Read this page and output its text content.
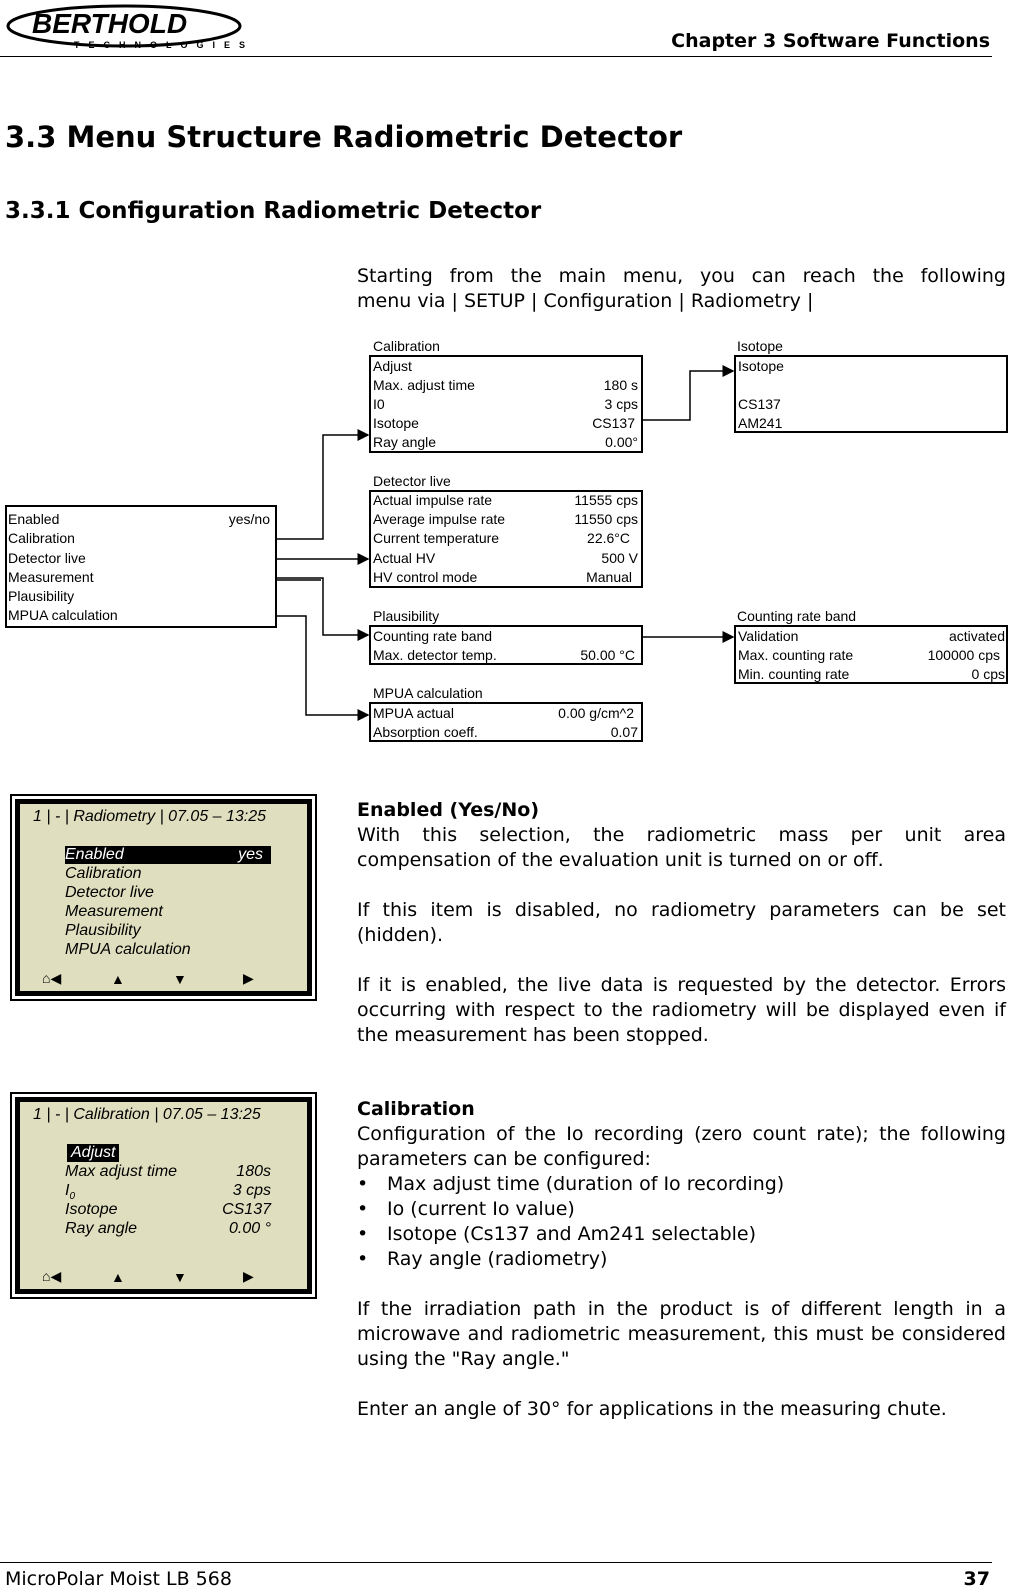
BERTHOLD
TECHNOLOGIES	Chapter 3 Software Functions
3.3 Menu Structure Radiometric Detector
3.3.1 Configuration Radiometric Detector

Starting from the main menu, you can reach the following

menu via | SETUP | Configuration | Radiometry |

Enabled	yes/no
Calibration
Detector live
Measurement
Plausibility
MPUA calculation
Calibration
Adjust
Max. adjust time	180 s
I0	3 cps
Isotope	CS137
Ray angle	0.00°
Isotope
Isotope
CS137
AM241
Detector live
Actual impulse rate	11555 cps
Average impulse rate	11550 cps
Current temperature	22.6°C
Actual HV	500 V
HV control mode	Manual
Plausibility
Counting rate band
Max. detector temp.	50.00 °C
Counting rate band
Validation	activated
Max. counting rate	100000 cps
Min. counting rate	0 cps
MPUA calculation
MPUA actual	0.00 g/cm^2
Absorption coeff.	0.07
1 | - | Radiometry | 07.05 – 13:25
Enabled	yes
Calibration
Detector live
Measurement
Plausibility
MPUA calculation
⌂◀	▲	▼	▶

Enabled (Yes/No)

With this selection, the radiometric mass per unit area compensation of the evaluation unit is turned on or off.

If this item is disabled, no radiometry parameters can be set (hidden).

If it is enabled, the live data is requested by the detector. Errors occurring with respect to the radiometry will be displayed even if the measurement has been stopped.

1 | - | Calibration | 07.05 – 13:25
Adjust
Max adjust time	180s
$I_0$	3 cps
Isotope	CS137
Ray angle	0.00 °
⌂◀	▲	▼	▶

Calibration

Configuration of the Io recording (zero count rate); the following parameters can be configured:

• Max adjust time (duration of Io recording)
• Io (current Io value)
• Isotope (Cs137 and Am241 selectable)
• Ray angle (radiometry)

If the irradiation path in the product is of different length in a microwave and radiometric measurement, this must be considered using the "Ray angle."

Enter an angle of 30° for applications in the measuring chute.

MicroPolar Moist LB 568	37
